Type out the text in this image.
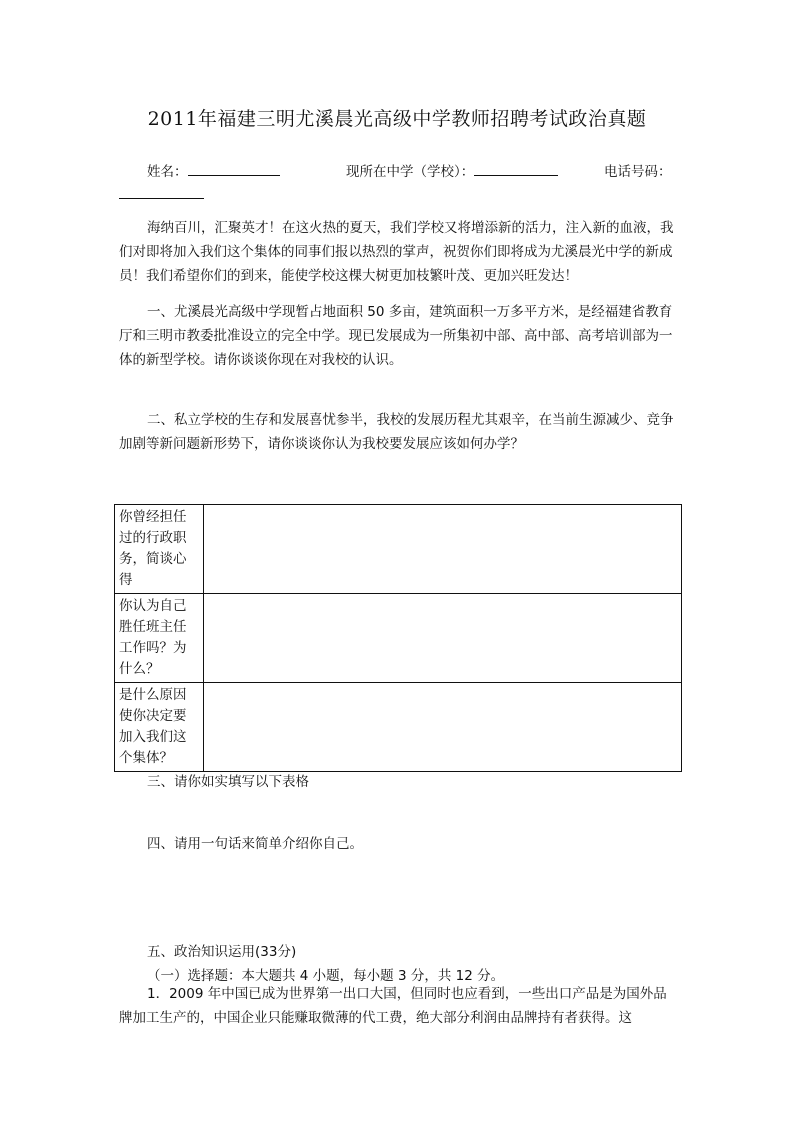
2011年福建三明尤溪晨光高级中学教师招聘考试政治真题
姓名：	现所在中学（学校）：	电话号码：
海纳百川，汇聚英才！在这火热的夏天，我们学校又将增添新的活力，注入新的血液，我们对即将加入我们这个集体的同事们报以热烈的掌声，祝贺你们即将成为尤溪晨光中学的新成员！我们希望你们的到来，能使学校这棵大树更加枝繁叶茂、更加兴旺发达！
一、尤溪晨光高级中学现暂占地面积 50 多亩，建筑面积一万多平方米，是经福建省教育厅和三明市教委批准设立的完全中学。现已发展成为一所集初中部、高中部、高考培训部为一体的新型学校。请你谈谈你现在对我校的认识。
二、私立学校的生存和发展喜忧参半，我校的发展历程尤其艰辛，在当前生源减少、竞争加剧等新问题新形势下，请你谈谈你认为我校要发展应该如何办学？
你曾经担任过的行政职务，简谈心得	
你认为自己胜任班主任工作吗？为什么？	
是什么原因使你决定要加入我们这个集体？	
三、请你如实填写以下表格
四、请用一句话来简单介绍你自己。
五、政治知识运用(33分)
（一）选择题：本大题共 4 小题，每小题 3 分，共 12 分。
1．2009 年中国已成为世界第一出口大国，但同时也应看到，一些出口产品是为国外品牌加工生产的，中国企业只能赚取微薄的代工费，绝大部分利润由品牌持有者获得。这
